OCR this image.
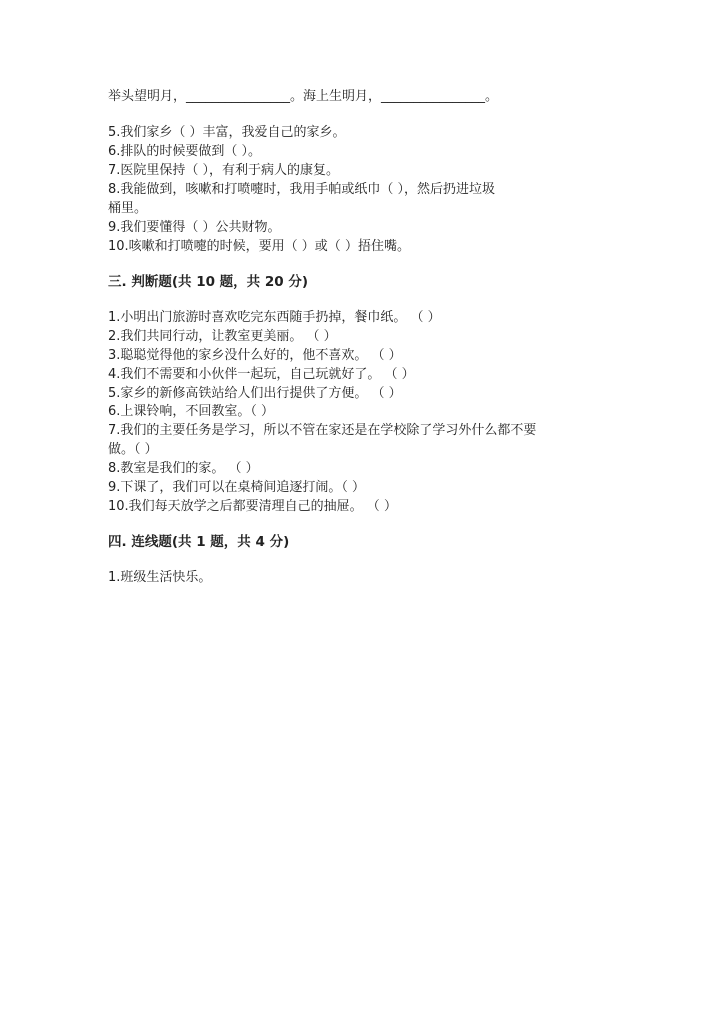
举头望明月，________________。海上生明月，________________。
5.我们家乡（ ）丰富，我爱自己的家乡。
6.排队的时候要做到（ ）。
7.医院里保持（ ），有利于病人的康复。
8.我能做到，咳嗽和打喷嚏时，我用手帕或纸巾（ ），然后扔进垃圾
桶里。
9.我们要懂得（ ）公共财物。
10.咳嗽和打喷嚏的时候，要用（ ）或（ ）捂住嘴。
三. 判断题(共 10 题，共 20 分)
1.小明出门旅游时喜欢吃完东西随手扔掉，餐巾纸。 （ ）
2.我们共同行动，让教室更美丽。 （ ）
3.聪聪觉得他的家乡没什么好的，他不喜欢。 （ ）
4.我们不需要和小伙伴一起玩，自己玩就好了。 （ ）
5.家乡的新修高铁站给人们出行提供了方便。 （ ）
6.上课铃响，不回教室。（ ）
7.我们的主要任务是学习，所以不管在家还是在学校除了学习外什么都不要
做。（ ）
8.教室是我们的家。 （ ）
9.下课了，我们可以在桌椅间追逐打闹。（ ）
10.我们每天放学之后都要清理自己的抽屉。 （ ）
四. 连线题(共 1 题，共 4 分)
1.班级生活快乐。
